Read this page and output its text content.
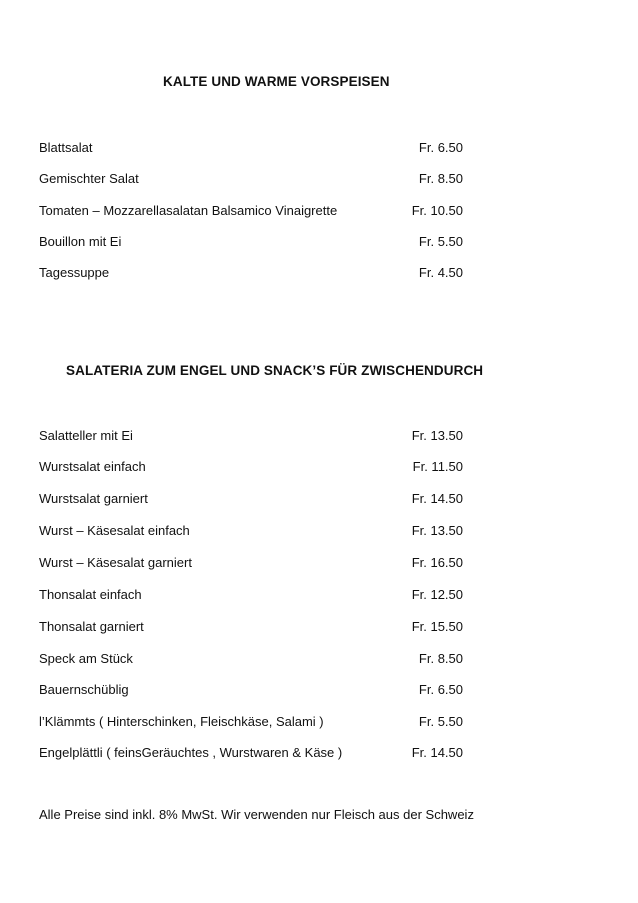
KALTE UND WARME VORSPEISEN
Blattsalat	Fr. 6.50
Gemischter Salat	Fr. 8.50
Tomaten – Mozzarellasalatan Balsamico Vinaigrette	Fr. 10.50
Bouillon mit Ei	Fr. 5.50
Tagessuppe	Fr. 4.50
SALATERIA ZUM ENGEL UND SNACK’S FÜR ZWISCHENDURCH
Salatteller mit Ei	Fr. 13.50
Wurstsalat einfach	Fr. 11.50
Wurstsalat garniert	Fr. 14.50
Wurst – Käsesalat einfach	Fr. 13.50
Wurst – Käsesalat garniert	Fr. 16.50
Thonsalat einfach	Fr. 12.50
Thonsalat garniert	Fr. 15.50
Speck am Stück	Fr. 8.50
Bauernschüblig	Fr. 6.50
l’Klämmts ( Hinterschinken, Fleischkäse, Salami )	Fr. 5.50
Engelplättli ( feinsGeräuchtes , Wurstwaren & Käse )	Fr. 14.50
Alle Preise sind inkl. 8% MwSt. Wir verwenden nur Fleisch aus der Schweiz
